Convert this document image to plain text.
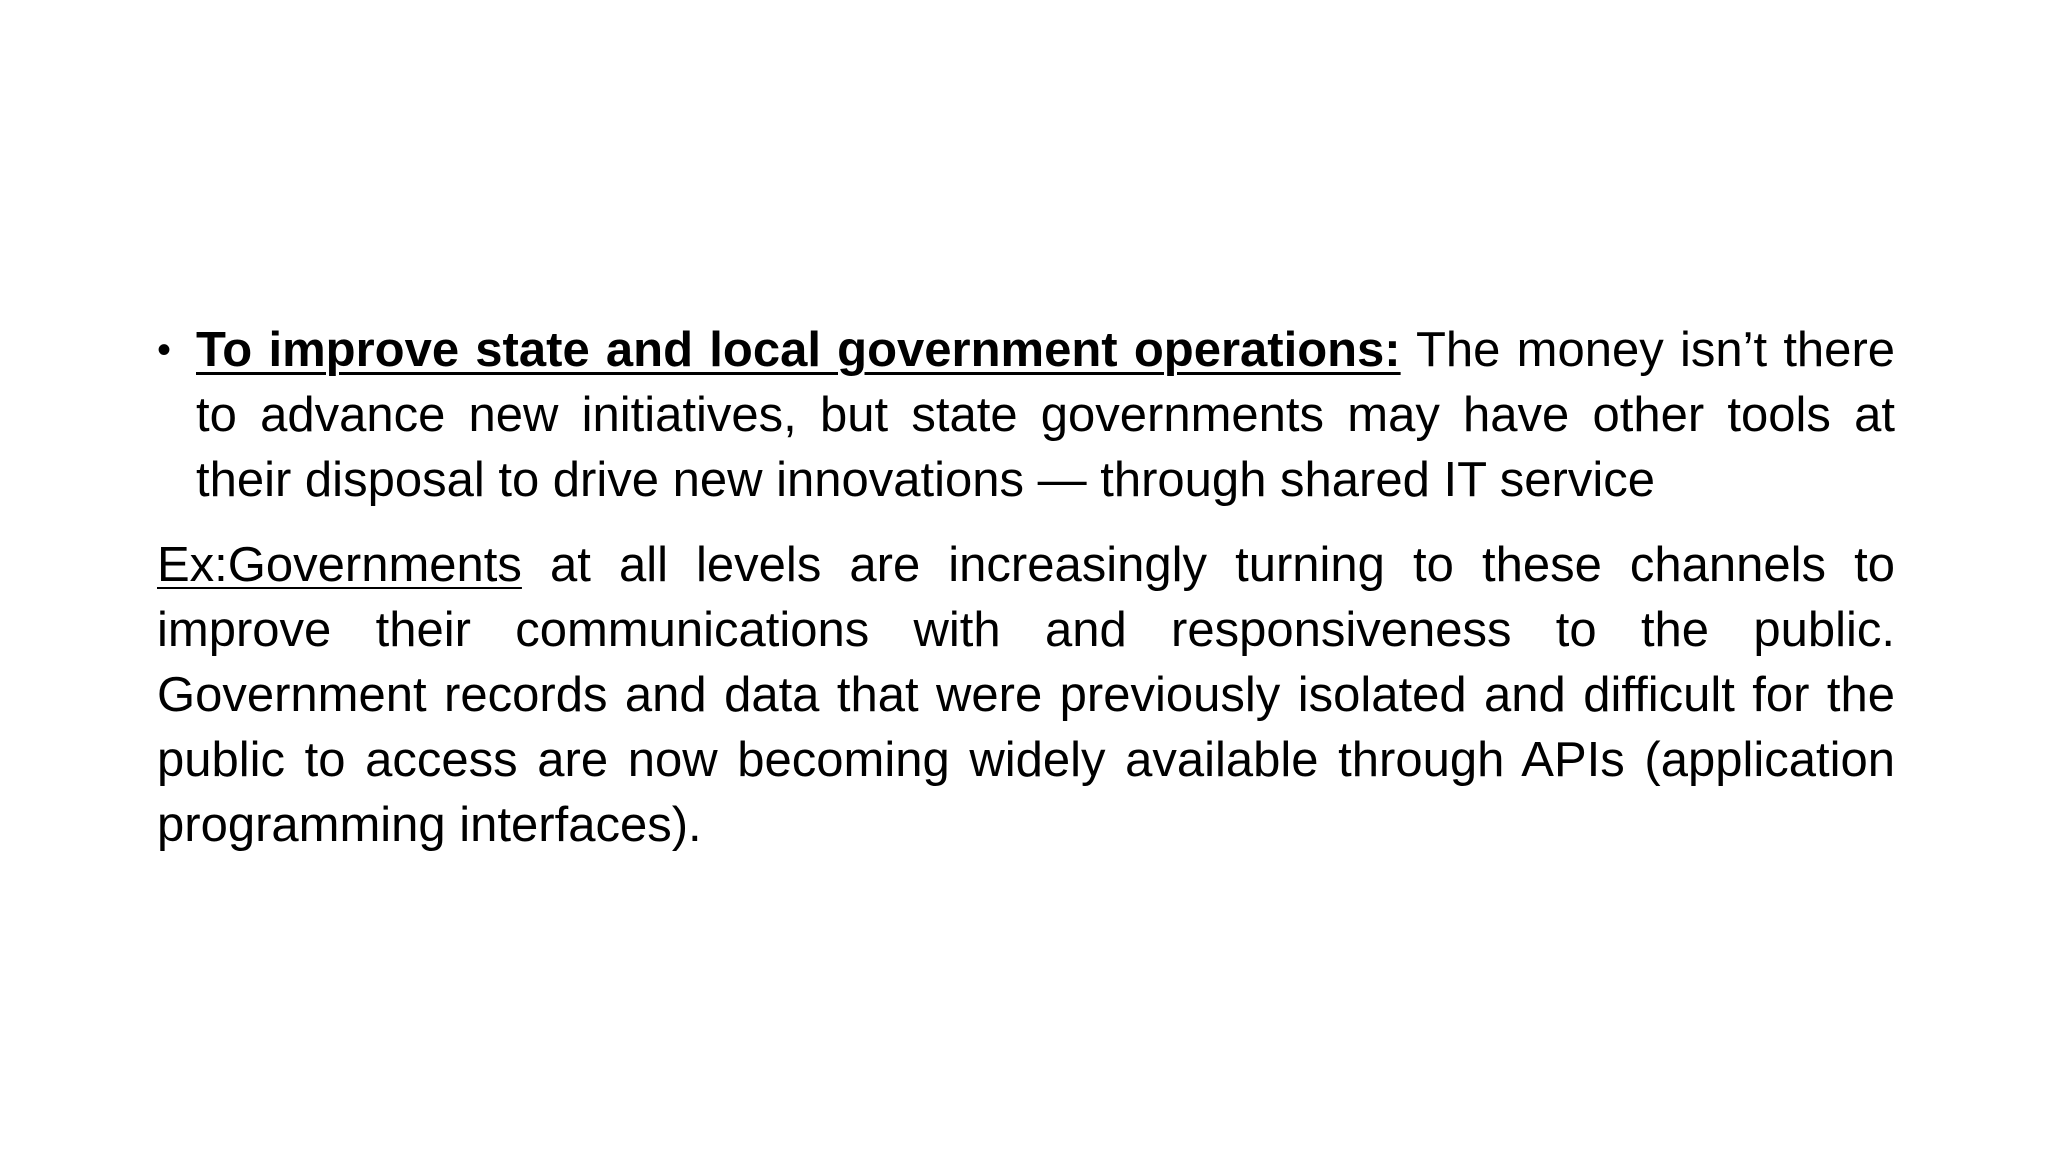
• To improve state and local government operations: The money isn’t there to advance new initiatives, but state governments may have other tools at their disposal to drive new innovations — through shared IT service

Ex:Governments at all levels are increasingly turning to these channels to improve their communications with and responsiveness to the public. Government records and data that were previously isolated and difficult for the public to access are now becoming widely available through APIs (application programming interfaces).
